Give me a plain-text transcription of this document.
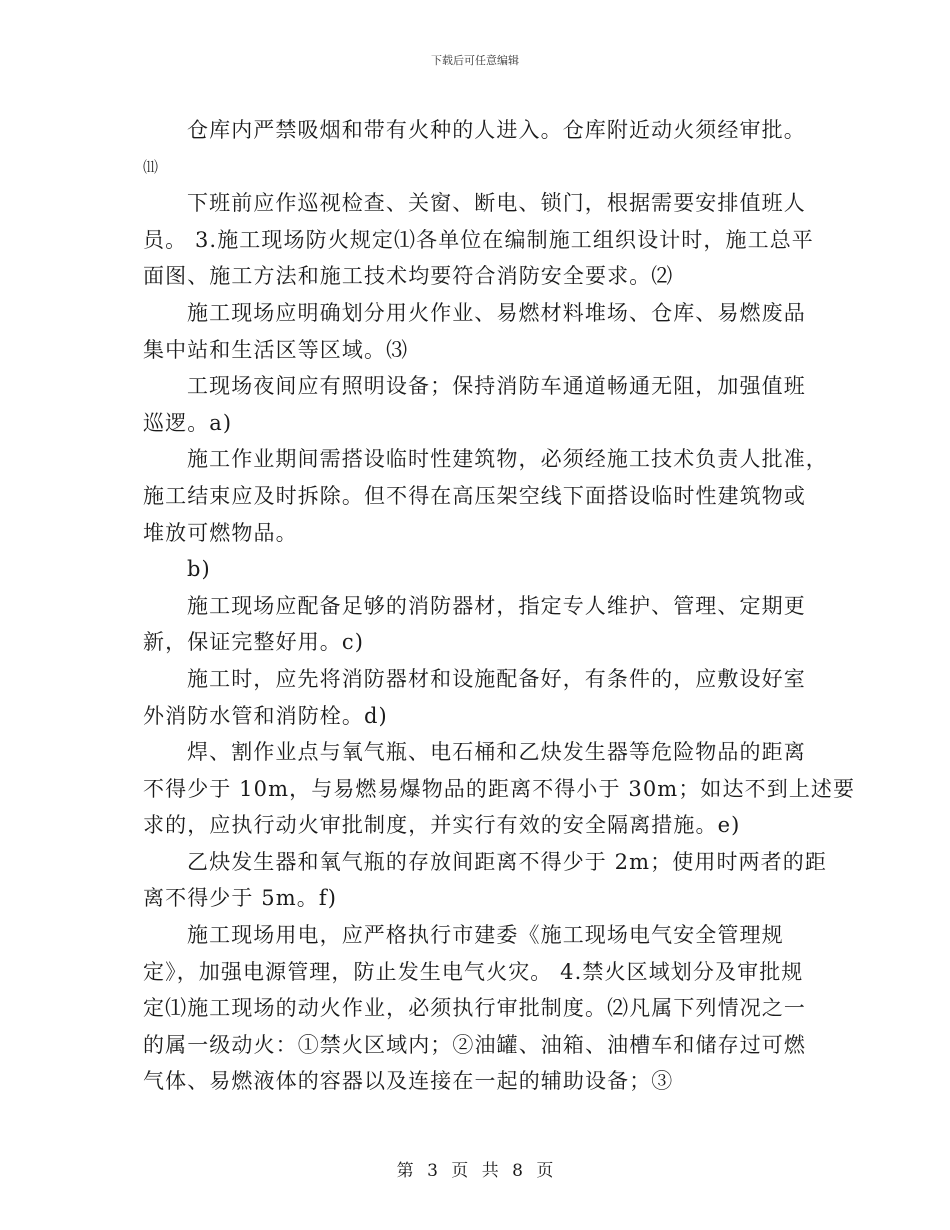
下载后可任意编辑
仓库内严禁吸烟和带有火种的人进入。仓库附近动火须经审批。
⑾
下班前应作巡视检查、关窗、断电、锁门，根据需要安排值班人
员。 3.施工现场防火规定⑴各单位在编制施工组织设计时，施工总平
面图、施工方法和施工技术均要符合消防安全要求。⑵
施工现场应明确划分用火作业、易燃材料堆场、仓库、易燃废品
集中站和生活区等区域。⑶
工现场夜间应有照明设备；保持消防车通道畅通无阻，加强值班
巡逻。a)
施工作业期间需搭设临时性建筑物，必须经施工技术负责人批准，
施工结束应及时拆除。但不得在高压架空线下面搭设临时性建筑物或
堆放可燃物品。
b)
施工现场应配备足够的消防器材，指定专人维护、管理、定期更
新，保证完整好用。c)
施工时，应先将消防器材和设施配备好，有条件的，应敷设好室
外消防水管和消防栓。d)
焊、割作业点与氧气瓶、电石桶和乙炔发生器等危险物品的距离
不得少于 10m，与易燃易爆物品的距离不得小于 30m；如达不到上述要
求的，应执行动火审批制度，并实行有效的安全隔离措施。e)
乙炔发生器和氧气瓶的存放间距离不得少于 2m；使用时两者的距
离不得少于 5m。f)
施工现场用电，应严格执行市建委《施工现场电气安全管理规
定》，加强电源管理，防止发生电气火灾。 4.禁火区域划分及审批规
定⑴施工现场的动火作业，必须执行审批制度。⑵凡属下列情况之一
的属一级动火：①禁火区域内；②油罐、油箱、油槽车和储存过可燃
气体、易燃液体的容器以及连接在一起的辅助设备；③
第 3 页 共 8 页
